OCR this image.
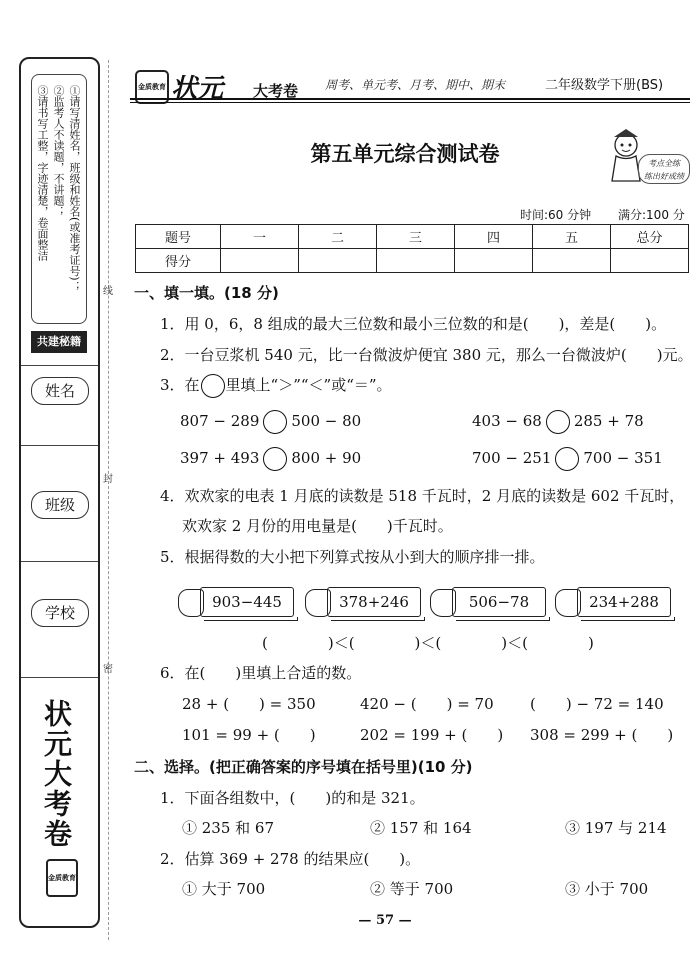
①请写清姓名，班级和姓名(或准考证号)；
②监考人不读题，不讲题；
③请书写工整，字迹清楚，卷面整洁
共建秘籍
姓名
班级
学校
状元大考卷
金质教育
线
封
密
金质教育 状元 大考卷 周考、单元考、月考、期中、期末	二年级数学下册(BS)
第五单元综合测试卷	考点全练
练出好成绩
时间:60 分钟 满分:100 分
题号	一	二	三	四	五	总分
得分						
一、填一填。(18 分)
1．用 0，6，8 组成的最大三位数和最小三位数的和是(　　)，差是(　　)。
2．一台豆浆机 540 元，比一台微波炉便宜 380 元，那么一台微波炉(　　)元。
3．在 里填上“＞”“＜”或“＝”。
807 − 289 500 − 80	403 − 68 285 + 78
397 + 493 800 + 90	700 − 251 700 − 351
4．欢欢家的电表 1 月底的读数是 518 千瓦时，2 月底的读数是 602 千瓦时，
欢欢家 2 月份的用电量是(　　)千瓦时。
5．根据得数的大小把下列算式按从小到大的顺序排一排。
903−445	378+246	506−78	234+288
(　　　　)＜(　　　　)＜(　　　　)＜(　　　　)
6．在(　　)里填上合适的数。
28 + (　　) = 350	420 − (　　) = 70 (　　) − 72 = 140
101 = 99 + (　　)	202 = 199 + (　　) 308 = 299 + (　　)
二、选择。(把正确答案的序号填在括号里)(10 分)
1．下面各组数中，(　　)的和是 321。
① 235 和 67	② 157 和 164	③ 197 与 214
2．估算 369 + 278 的结果应(　　)。
① 大于 700	② 等于 700	③ 小于 700
— 57 —
